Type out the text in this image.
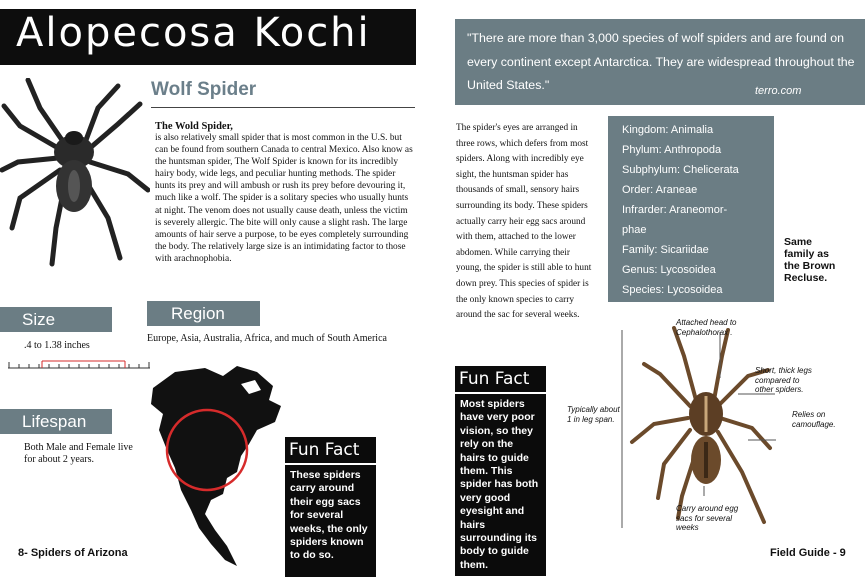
Alopecosa Kochi
Wolf Spider
The Wold Spider,
is also relatively small spider that is most common in the U.S. but can be found from southern Canada to central Mexico. Also know as the huntsman spider, The Wolf Spider is known for its incredibly hairy body, wide legs, and peculiar hunting methods. The spider hunts its prey and will ambush or rush its prey before devouring it, much like a wolf. The spider is a solitary species who usually hunts at night. The venom does not usually cause death, unless the victim is severely allergic. The bite will only cause a slight rash. The large amounts of hair serve a purpose, to be eyes completely surrounding the body. The relatively large size is an intimidating factor to those with arachnophobia.
Size
.4 to 1.38 inches
Region
Europe, Asia, Australia, Africa, and much of South America
Lifespan
Both Male and Female live for about 2 years.	Fun Fact
These spiders carry around their egg sacs for several weeks, the only spiders known to do so.
8- Spiders of Arizona
"There are more than 3,000 species of wolf spiders and are found on every continent except Antarctica. They are widespread throughout the United States."	terro.com
The spider's eyes are arranged in three rows, which defers from most spiders. Along with incredibly eye sight, the huntsman spider has thousands of small, sensory hairs surrounding its body. These spiders actually carry heir egg sacs around with them, attached to the lower abdomen. While carrying their young, the spider is still able to hunt down prey. This species of spider is the only known species to carry around the sac for several weeks.
Kingdom: Animalia
Phylum: Anthropoda
Subphylum: Chelicerata
Order: Araneae
Infrarder: Araneomor-
phae
Family: Sicariidae
Genus: Lycosoidea
Species: Lycosoidea
Same family as the Brown Recluse.
Fun Fact
Most spiders have very poor vision, so they rely on the hairs to guide them. This spider has both very good eyesight and hairs surrounding its body to guide them.
Attached head to Cephalothorax .
Short, thick legs compared to other spiders.
Relies on camouflage.
Typically about 1 in leg span.
Carry around egg sacs for several weeks
Field Guide - 9
